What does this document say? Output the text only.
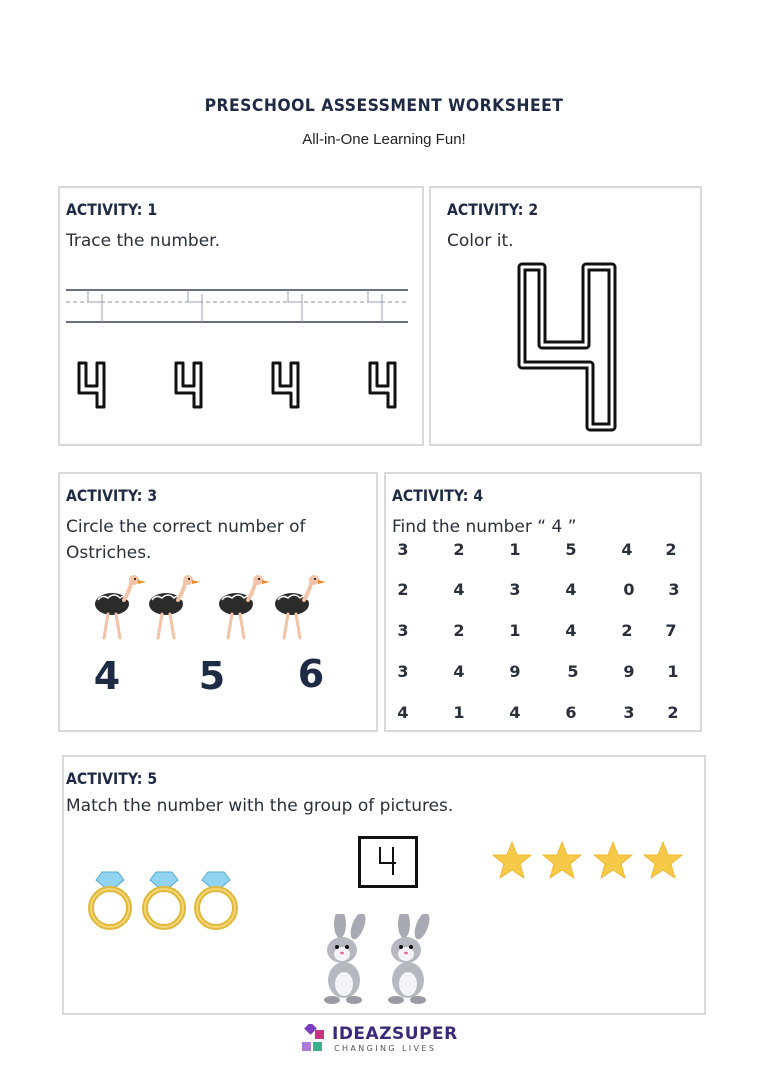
PRESCHOOL ASSESSMENT WORKSHEET
All-in-One Learning Fun!
ACTIVITY: 1
Trace the number.
ACTIVITY: 2
Color it.
ACTIVITY: 3
Circle the correct number of
Ostriches.
4	5	6
ACTIVITY: 4
Find the number “ 4 ”
3	2	1	5	4	2
2	4	3	4	0	3
3	2	1	4	2	7
3	4	9	5	9	1
4	1	4	6	3	2
ACTIVITY: 5
Match the number with the group of pictures.
IDEAZSUPER
CHANGING LIVES
